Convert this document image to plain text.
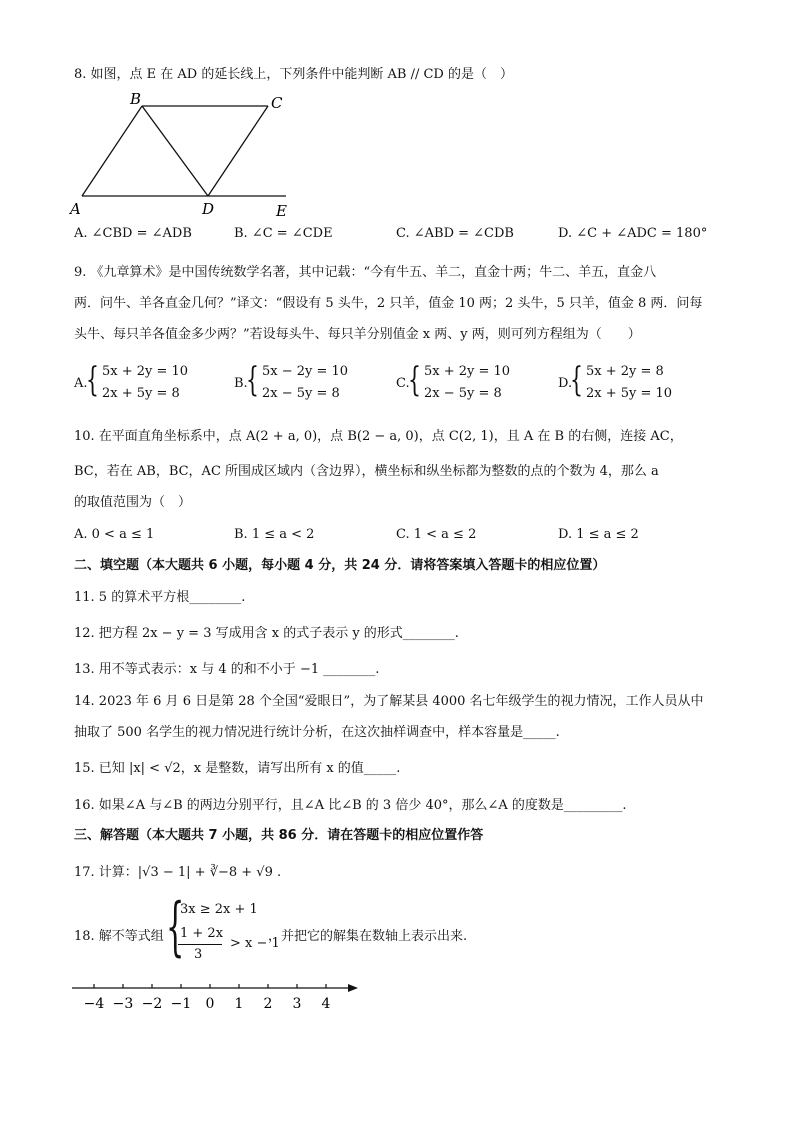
8. 如图，点 E 在 AD 的延长线上，下列条件中能判断 AB // CD 的是（　）
B	C
A	D	E
A. ∠CBD = ∠ADB	B. ∠C = ∠CDE	C. ∠ABD = ∠CDB	D. ∠C + ∠ADC = 180°
9. 《九章算术》是中国传统数学名著，其中记载：“今有牛五、羊二，直金十两；牛二、羊五，直金八
两．问牛、羊各直金几何？”译文：“假设有 5 头牛，2 只羊，值金 10 两；2 头牛，5 只羊，值金 8 两．问每
头牛、每只羊各值金多少两？”若设每头牛、每只羊分别值金 x 两、y 两，则可列方程组为（　　）
A.
{ 5x + 2y = 10
2x + 5y = 8
B.
{ 5x − 2y = 10
2x − 5y = 8
C.
{ 5x + 2y = 10
2x − 5y = 8
D.
{ 5x + 2y = 8
2x + 5y = 10
10. 在平面直角坐标系中，点 A(2 + a, 0)，点 B(2 − a, 0)，点 C(2, 1)，且 A 在 B 的右侧，连接 AC，
BC，若在 AB，BC，AC 所围成区域内（含边界），横坐标和纵坐标都为整数的点的个数为 4，那么 a
的取值范围为（　）
A. 0 < a ≤ 1	B. 1 ≤ a < 2	C. 1 < a ≤ 2	D. 1 ≤ a ≤ 2
二、填空题（本大题共 6 小题，每小题 4 分，共 24 分．请将答案填入答题卡的相应位置）
11. 5 的算术平方根________.
12. 把方程 2x − y = 3 写成用含 x 的式子表示 y 的形式________.
13. 用不等式表示：x 与 4 的和不小于 −1 ________.
14. 2023 年 6 月 6 日是第 28 个全国“爱眼日”，为了解某县 4000 名七年级学生的视力情况，工作人员从中
抽取了 500 名学生的视力情况进行统计分析，在这次抽样调查中，样本容量是_____.
15. 已知 |x| < √2，x 是整数，请写出所有 x 的值_____.
16. 如果∠A 与∠B 的两边分别平行，且∠A 比∠B 的 3 倍少 40°，那么∠A 的度数是_________.
三、解答题（本大题共 7 小题，共 86 分．请在答题卡的相应位置作答
17. 计算：|√3 − 1| + ∛−8 + √9 .
18. 解不等式组 {
3x ≥ 2x + 1
1 + 2x
3
> x − 1
，并把它的解集在数轴上表示出来.
−4 −3 −2 −1 0 1 2 3 4
